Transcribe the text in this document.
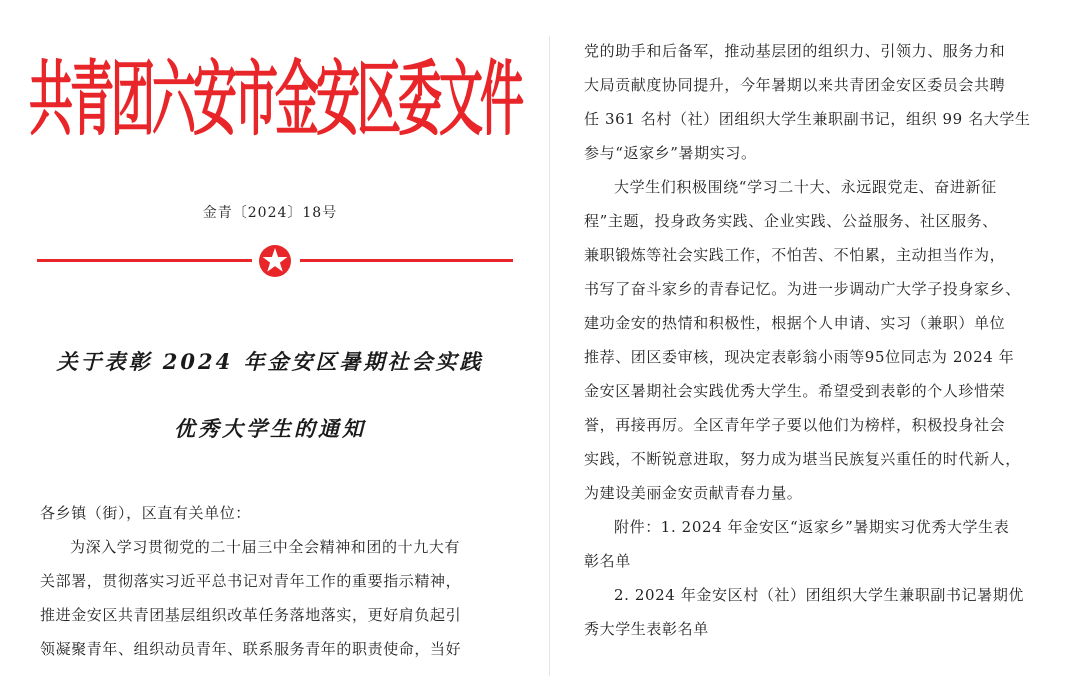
共青团六安市金安区委文件
金青〔2024〕18号
关于表彰 2024 年金安区暑期社会实践
优秀大学生的通知
各乡镇（街），区直有关单位：
为深入学习贯彻党的二十届三中全会精神和团的十九大有
关部署，贯彻落实习近平总书记对青年工作的重要指示精神，
推进金安区共青团基层组织改革任务落地落实，更好肩负起引
领凝聚青年、组织动员青年、联系服务青年的职责使命，当好
党的助手和后备军，推动基层团的组织力、引领力、服务力和
大局贡献度协同提升，今年暑期以来共青团金安区委员会共聘
任 361 名村（社）团组织大学生兼职副书记，组织 99 名大学生
参与“返家乡”暑期实习。
大学生们积极围绕“学习二十大、永远跟党走、奋进新征
程”主题，投身政务实践、企业实践、公益服务、社区服务、
兼职锻炼等社会实践工作，不怕苦、不怕累，主动担当作为，
书写了奋斗家乡的青春记忆。为进一步调动广大学子投身家乡、
建功金安的热情和积极性，根据个人申请、实习（兼职）单位
推荐、团区委审核，现决定表彰翁小雨等95位同志为 2024 年
金安区暑期社会实践优秀大学生。希望受到表彰的个人珍惜荣
誉，再接再厉。全区青年学子要以他们为榜样，积极投身社会
实践，不断锐意进取，努力成为堪当民族复兴重任的时代新人，
为建设美丽金安贡献青春力量。
附件：1. 2024 年金安区“返家乡”暑期实习优秀大学生表
彰名单
2. 2024 年金安区村（社）团组织大学生兼职副书记暑期优
秀大学生表彰名单
